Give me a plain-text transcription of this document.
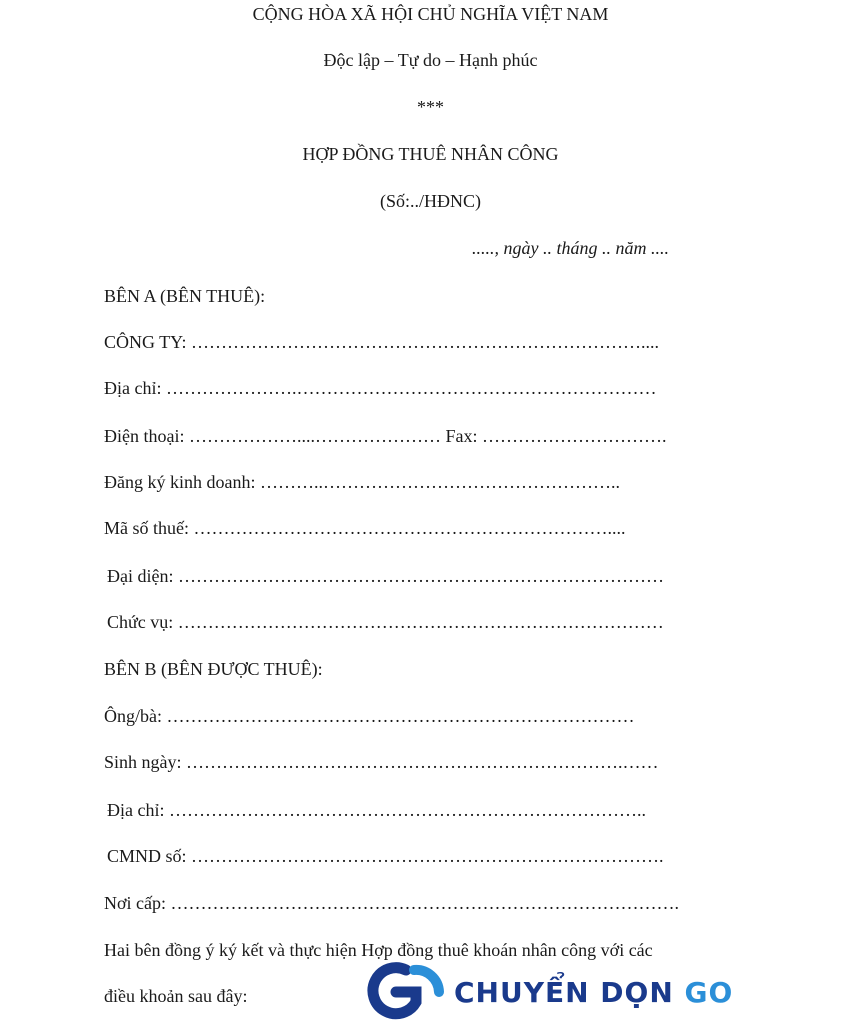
CỘNG HÒA XÃ HỘI CHỦ NGHĨA VIỆT NAM
Độc lập – Tự do – Hạnh phúc
***
HỢP ĐỒNG THUÊ NHÂN CÔNG
(Số:../HĐNC)
....., ngày .. tháng .. năm ....
BÊN A (BÊN THUÊ):
CÔNG TY: …………………………………………………………………....
Địa chỉ: ………………….……………………………………………………
Điện thoại: ………………....………………… Fax: ………………………….
Đăng ký kinh doanh: ………..…………………………………………..
Mã số thuế: ……………………………………………………………....
Đại diện: ………………………………………………………………………
Chức vụ: ………………………………………………………………………
BÊN B (BÊN ĐƯỢC THUÊ):
Ông/bà: ……………………………………………………………………
Sinh ngày: ……………………………………………………………….……
Địa chỉ: ……………………………………………………………………..
CMND số: …………………………………………………………………….
Nơi cấp: ………………………………………………………………………….
Hai bên đồng ý ký kết và thực hiện Hợp đồng thuê khoán nhân công với các
điều khoản sau đây:	CHUYỂN DỌN GO
